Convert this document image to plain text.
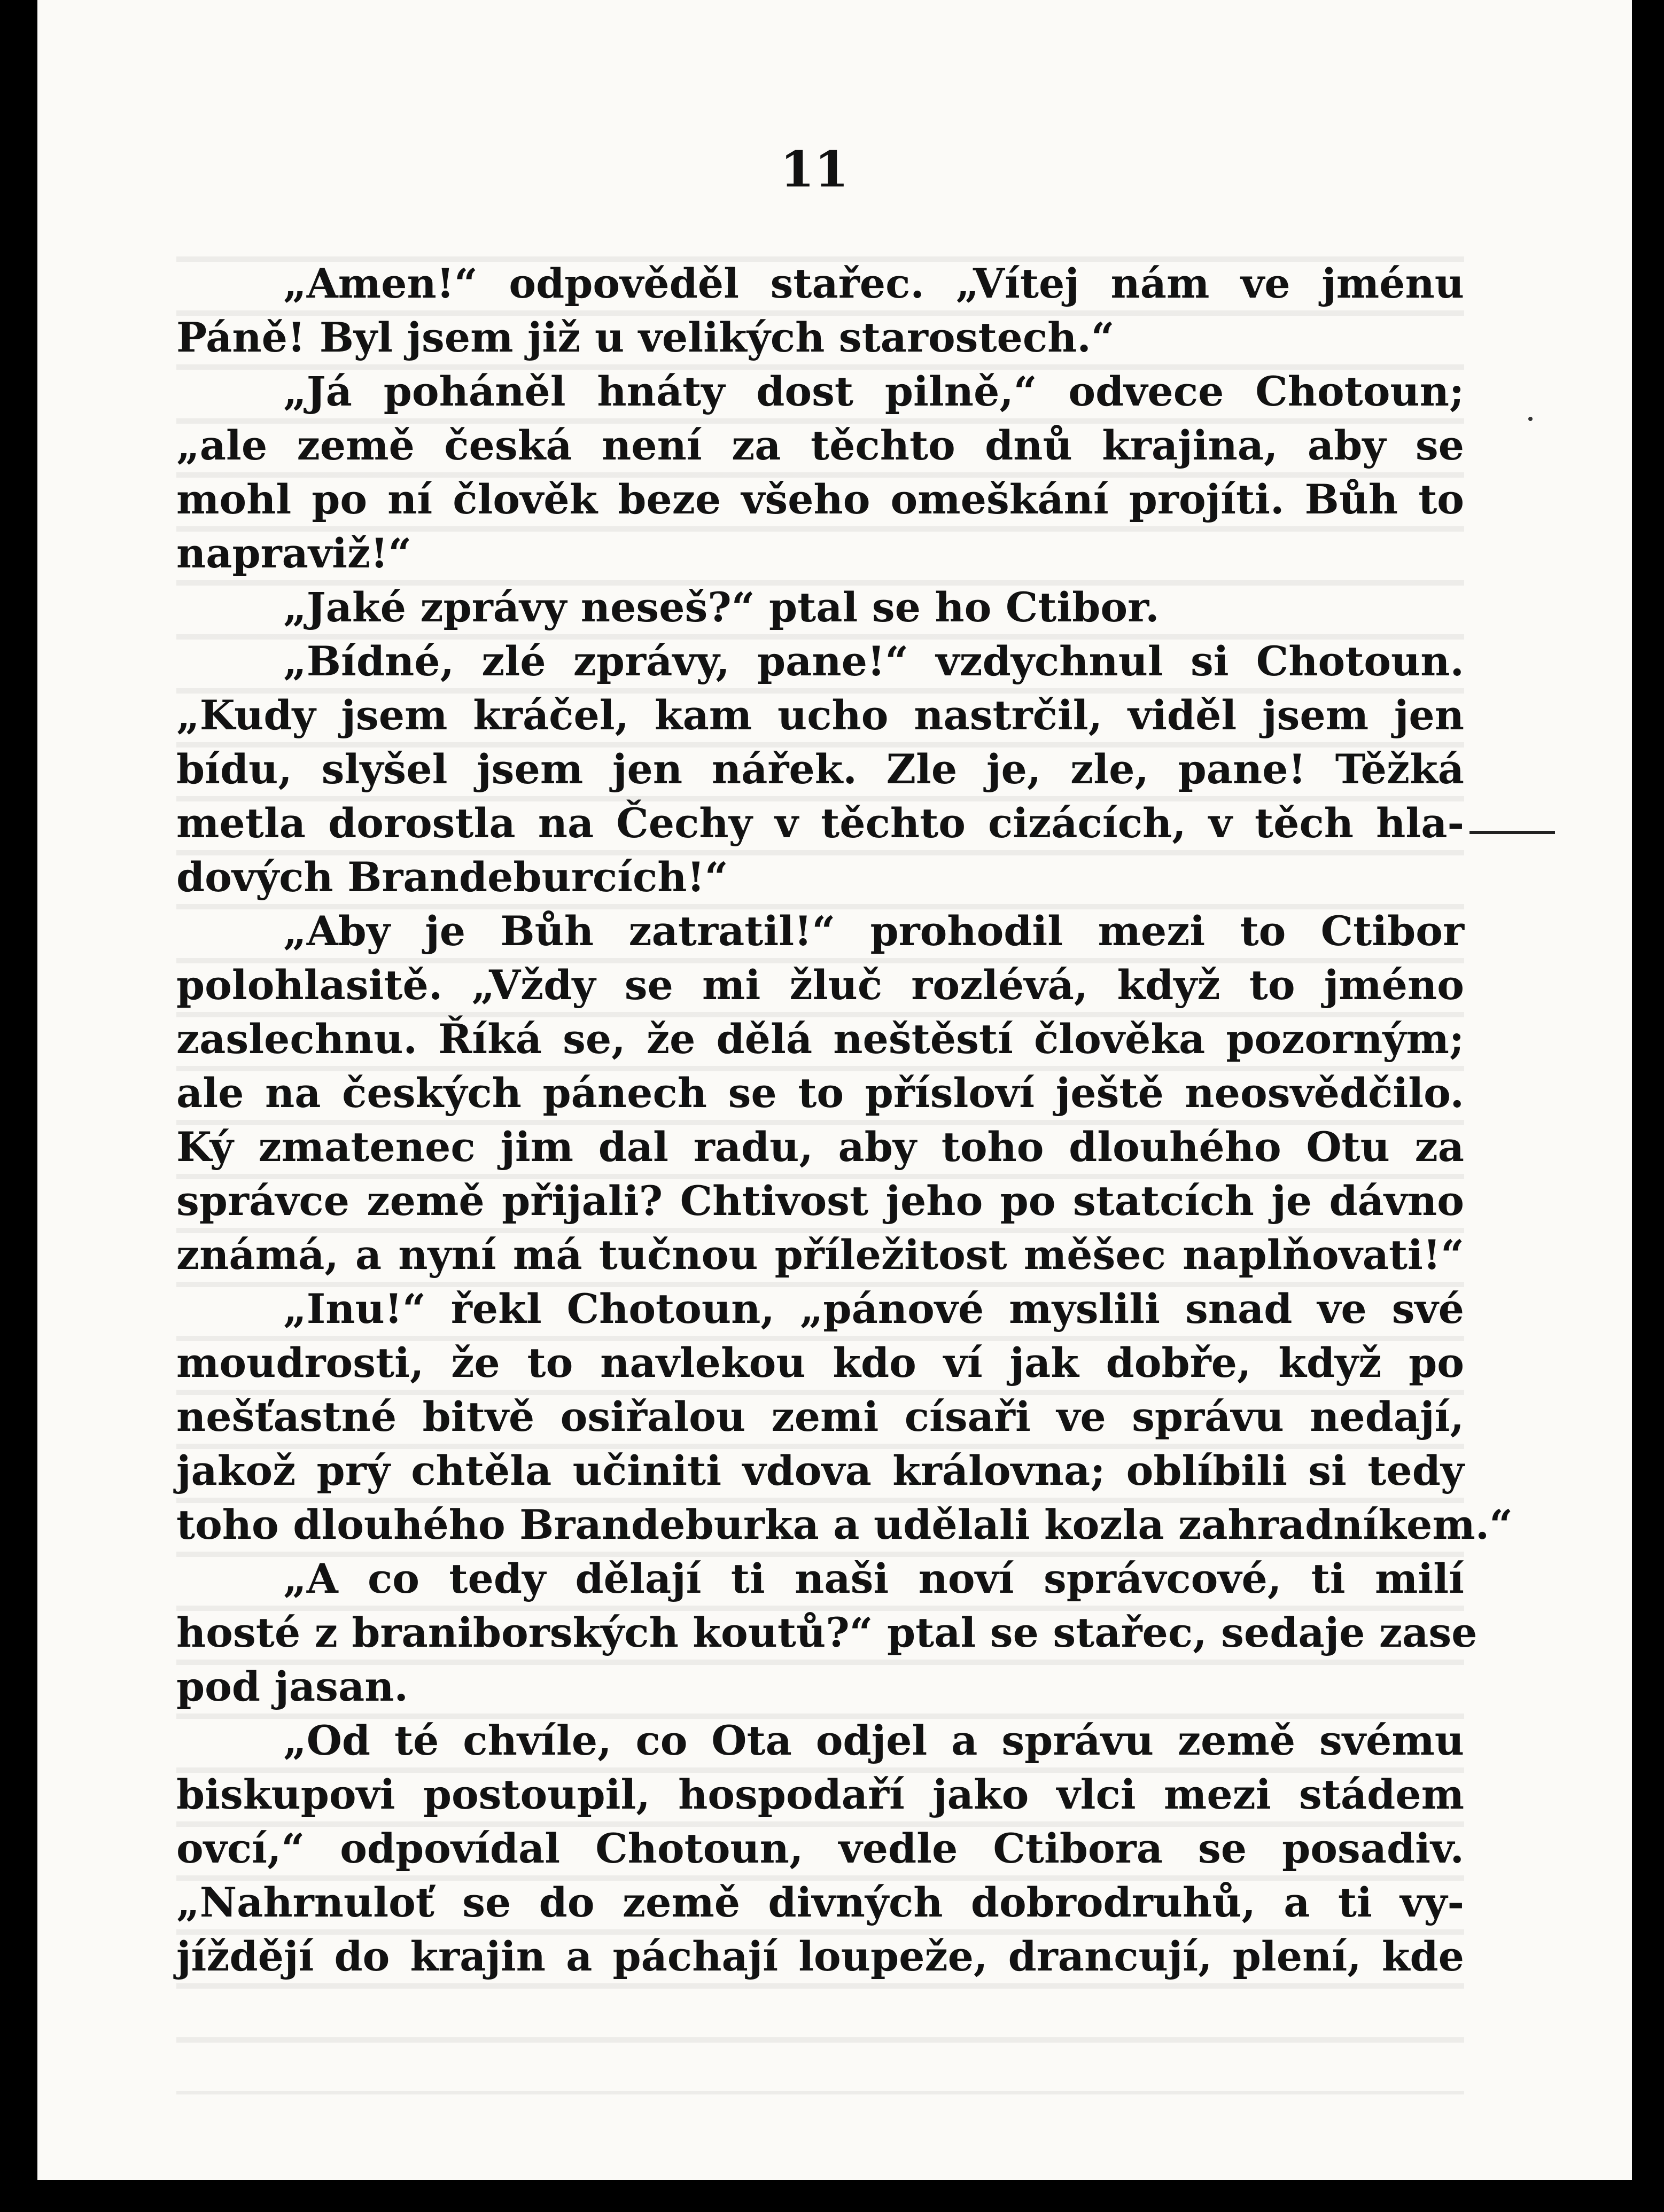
11
„Amen!“ odpověděl stařec. „Vítej nám ve jménu
Páně! Byl jsem již u velikých starostech.“
„Já poháněl hnáty dost pilně,“ odvece Chotoun;
„ale země česká není za těchto dnů krajina, aby se
mohl po ní člověk beze všeho omeškání projíti. Bůh to
napraviž!“
„Jaké zprávy neseš?“ ptal se ho Ctibor.
„Bídné, zlé zprávy, pane!“ vzdychnul si Chotoun.
„Kudy jsem kráčel, kam ucho nastrčil, viděl jsem jen
bídu, slyšel jsem jen nářek. Zle je, zle, pane! Těžká
metla dorostla na Čechy v těchto cizácích, v těch hla-
dových Brandeburcích!“
„Aby je Bůh zatratil!“ prohodil mezi to Ctibor
polohlasitě. „Vždy se mi žluč rozlévá, když to jméno
zaslechnu. Říká se, že dělá neštěstí člověka pozorným;
ale na českých pánech se to přísloví ještě neosvědčilo.
Ký zmatenec jim dal radu, aby toho dlouhého Otu za
správce země přijali? Chtivost jeho po statcích je dávno
známá, a nyní má tučnou příležitost měšec naplňovati!“
„Inu!“ řekl Chotoun, „pánové myslili snad ve své
moudrosti, že to navlekou kdo ví jak dobře, když po
nešťastné bitvě osiřalou zemi císaři ve správu nedají,
jakož prý chtěla učiniti vdova královna; oblíbili si tedy
toho dlouhého Brandeburka a udělali kozla zahradníkem.“
„A co tedy dělají ti naši noví správcové, ti milí
hosté z braniborských koutů?“ ptal se stařec, sedaje zase
pod jasan.
„Od té chvíle, co Ota odjel a správu země svému
biskupovi postoupil, hospodaří jako vlci mezi stádem
ovcí,“ odpovídal Chotoun, vedle Ctibora se posadiv.
„Nahrnuloť se do země divných dobrodruhů, a ti vy-
jíždějí do krajin a páchají loupeže, drancují, plení, kde
